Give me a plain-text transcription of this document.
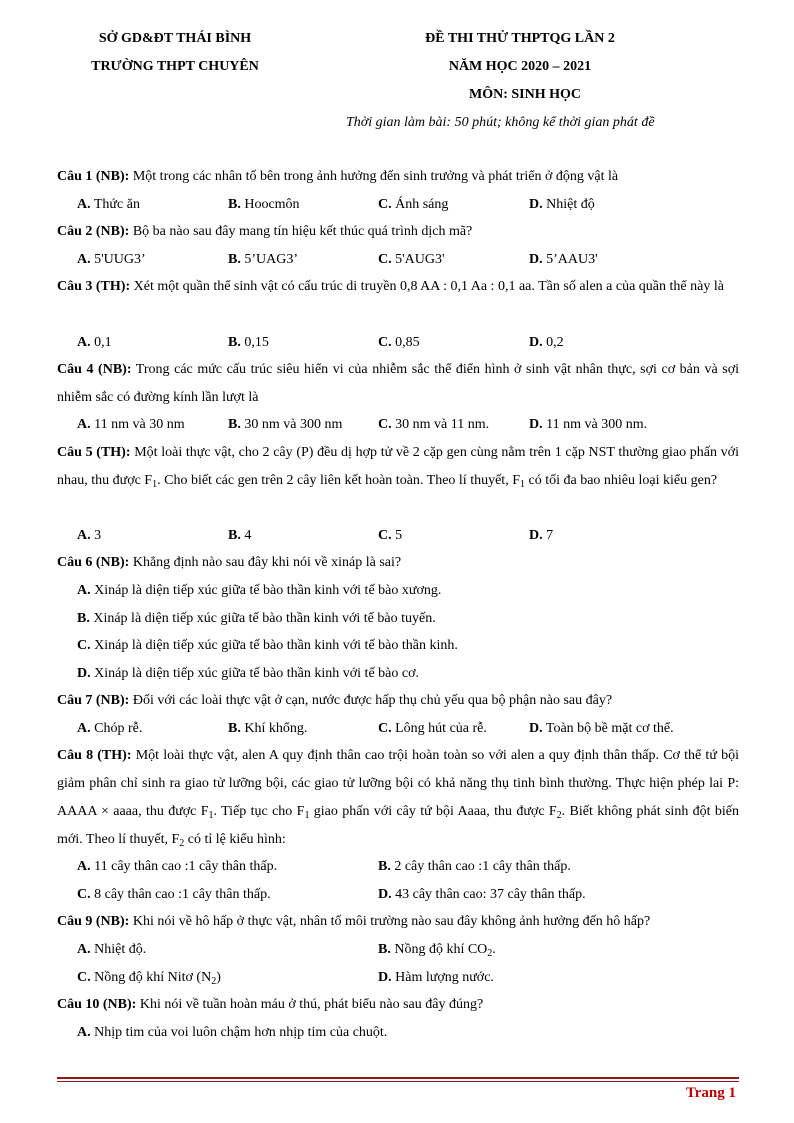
SỞ GD&ĐT THÁI BÌNH
TRƯỜNG THPT CHUYÊN
ĐỀ THI THỬ THPTQG LẦN 2
NĂM HỌC 2020 – 2021
MÔN: SINH HỌC
Thời gian làm bài: 50 phút; không kể thời gian phát đề
Câu 1 (NB): Một trong các nhân tố bên trong ảnh hưởng đến sinh trưởng và phát triển ở động vật là
A. Thức ăn	B. Hoocmôn	C. Ánh sáng	D. Nhiệt độ
Câu 2 (NB): Bộ ba nào sau đây mang tín hiệu kết thúc quá trình dịch mã?
A. 5'UUG3’	B. 5’UAG3’	C. 5'AUG3'	D. 5’AAU3'
Câu 3 (TH): Xét một quần thể sinh vật có cấu trúc di truyền 0,8 AA : 0,1 Aa : 0,1 aa. Tần số alen a của quần thể này là
A. 0,1	B. 0,15	C. 0,85	D. 0,2
Câu 4 (NB): Trong các mức cấu trúc siêu hiển vi của nhiễm sắc thể điển hình ở sinh vật nhân thực, sợi cơ bản và sợi nhiễm sắc có đường kính lần lượt là
A. 11 nm và 30 nm	B. 30 nm và 300 nm	C. 30 nm và 11 nm.	D. 11 nm và 300 nm.
Câu 5 (TH): Một loài thực vật, cho 2 cây (P) đều dị hợp tử về 2 cặp gen cùng nằm trên 1 cặp NST thường giao phấn với nhau, thu được $F_1$. Cho biết các gen trên 2 cây liên kết hoàn toàn. Theo lí thuyết, $F_1$ có tối đa bao nhiêu loại kiểu gen?
A. 3	B. 4	C. 5	D. 7
Câu 6 (NB): Khẳng định nào sau đây khi nói về xináp là sai?
A. Xináp là diện tiếp xúc giữa tế bào thần kinh với tế bào xương.
B. Xináp là diện tiếp xúc giữa tế bào thần kinh với tế bào tuyến.
C. Xináp là diện tiếp xúc giữa tế bào thần kinh với tế bào thần kinh.
D. Xináp là diện tiếp xúc giữa tế bào thần kinh với tế bào cơ.
Câu 7 (NB): Đối với các loài thực vật ở cạn, nước được hấp thụ chủ yếu qua bộ phận nào sau đây?
A. Chóp rễ.	B. Khí khổng.	C. Lông hút của rễ.	D. Toàn bộ bề mặt cơ thể.
Câu 8 (TH): Một loài thực vật, alen A quy định thân cao trội hoàn toàn so với alen a quy định thân thấp. Cơ thể tứ bội giảm phân chỉ sinh ra giao tử lưỡng bội, các giao tử lưỡng bội có khả năng thụ tinh bình thường. Thực hiện phép lai P: AAAA × aaaa, thu được $F_1$. Tiếp tục cho $F_1$ giao phấn với cây tứ bội Aaaa, thu được $F_2$. Biết không phát sinh đột biến mới. Theo lí thuyết, $F_2$ có tỉ lệ kiểu hình:
A. 11 cây thân cao :1 cây thân thấp.	B. 2 cây thân cao :1 cây thân thấp.
C. 8 cây thân cao :1 cây thân thấp.	D. 43 cây thân cao: 37 cây thân thấp.
Câu 9 (NB): Khi nói về hô hấp ở thực vật, nhân tố môi trường nào sau đây không ảnh hưởng đến hô hấp?
A. Nhiệt độ.	B. Nồng độ khí $CO_2$.
C. Nồng độ khí Nitơ $(N_2)$	D. Hàm lượng nước.
Câu 10 (NB): Khi nói về tuần hoàn máu ở thú, phát biểu nào sau đây đúng?
A. Nhịp tim của voi luôn chậm hơn nhịp tim của chuột.
Trang 1
